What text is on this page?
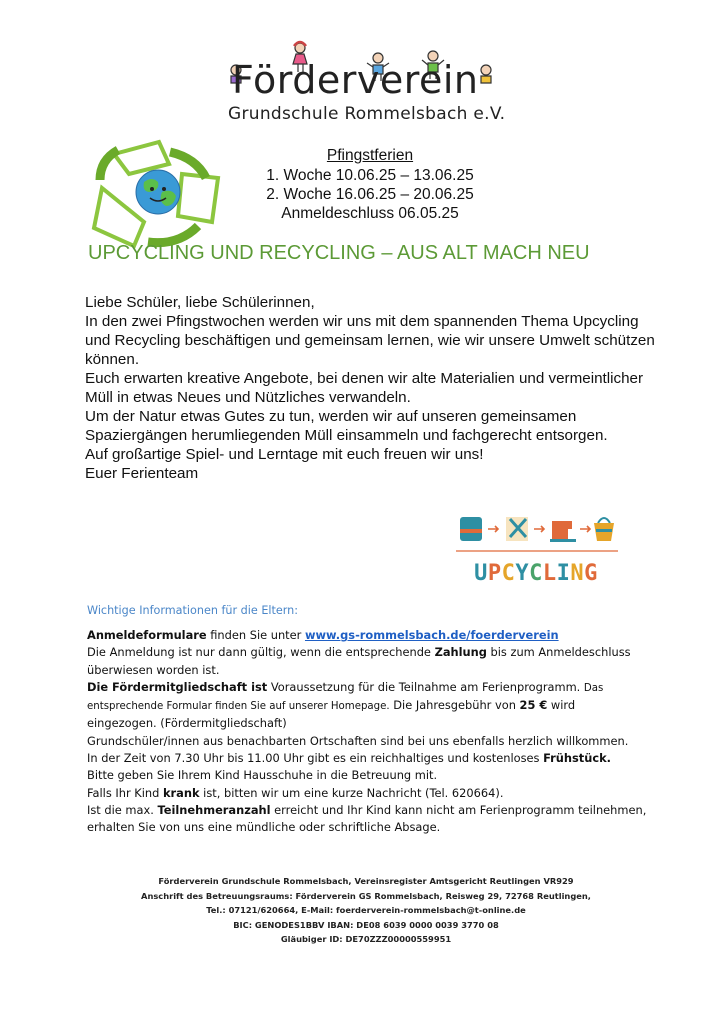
Förderverein
Grundschule Rommelsbach e.V.
Pfingstferien
1. Woche 10.06.25 – 13.06.25
2. Woche 16.06.25 – 20.06.25
Anmeldeschluss 06.05.25
UPCYCLING UND RECYCLING – AUS ALT MACH NEU

Liebe Schüler, liebe Schülerinnen,

In den zwei Pfingstwochen werden wir uns mit dem spannenden Thema Upcycling und Recycling beschäftigen und gemeinsam lernen, wie wir unsere Umwelt schützen können.

Euch erwarten kreative Angebote, bei denen wir alte Materialien und vermeintlicher Müll in etwas Neues und Nützliches verwandeln.

Um der Natur etwas Gutes zu tun, werden wir auf unseren gemeinsamen Spaziergängen herumliegenden Müll einsammeln und fachgerecht entsorgen.

Auf großartige Spiel- und Lerntage mit euch freuen wir uns!

Euer Ferienteam

UPCYCLING
Wichtige Informationen für die Eltern:

Anmeldeformulare finden Sie unter www.gs-rommelsbach.de/foerderverein

Die Anmeldung ist nur dann gültig, wenn die entsprechende Zahlung bis zum Anmeldeschluss überwiesen worden ist.

Die Fördermitgliedschaft ist Voraussetzung für die Teilnahme am Ferienprogramm. Das entsprechende Formular finden Sie auf unserer Homepage. Die Jahresgebühr von 25 € wird eingezogen. (Fördermitgliedschaft)

Grundschüler/innen aus benachbarten Ortschaften sind bei uns ebenfalls herzlich willkommen.

In der Zeit von 7.30 Uhr bis 11.00 Uhr gibt es ein reichhaltiges und kostenloses Frühstück.

Bitte geben Sie Ihrem Kind Hausschuhe in die Betreuung mit.

Falls Ihr Kind krank ist, bitten wir um eine kurze Nachricht (Tel. 620664).

Ist die max. Teilnehmeranzahl erreicht und Ihr Kind kann nicht am Ferienprogramm teilnehmen, erhalten Sie von uns eine mündliche oder schriftliche Absage.

Förderverein Grundschule Rommelsbach, Vereinsregister Amtsgericht Reutlingen VR929
Anschrift des Betreuungsraums: Förderverein GS Rommelsbach, Reisweg 29, 72768 Reutlingen,
Tel.: 07121/620664, E-Mail: foerderverein-rommelsbach@t-online.de
BIC: GENODES1BBV IBAN: DE08 6039 0000 0039 3770 08
Gläubiger ID: DE70ZZZ00000559951
